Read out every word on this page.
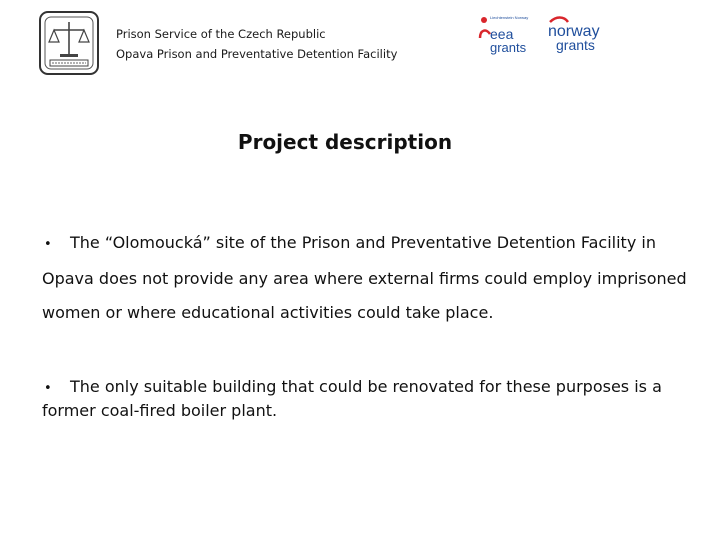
Prison Service of the Czech Republic
Opava Prison and Preventative Detention Facility
Liechtenstein Norway
eea
grants
norway
grants
Project description
• The “Olomoucká” site of the Prison and Preventative Detention Facility in Opava does not provide any area where external firms could employ imprisoned women or where educational activities could take place.
• The only suitable building that could be renovated for these purposes is a former coal-fired boiler plant.
